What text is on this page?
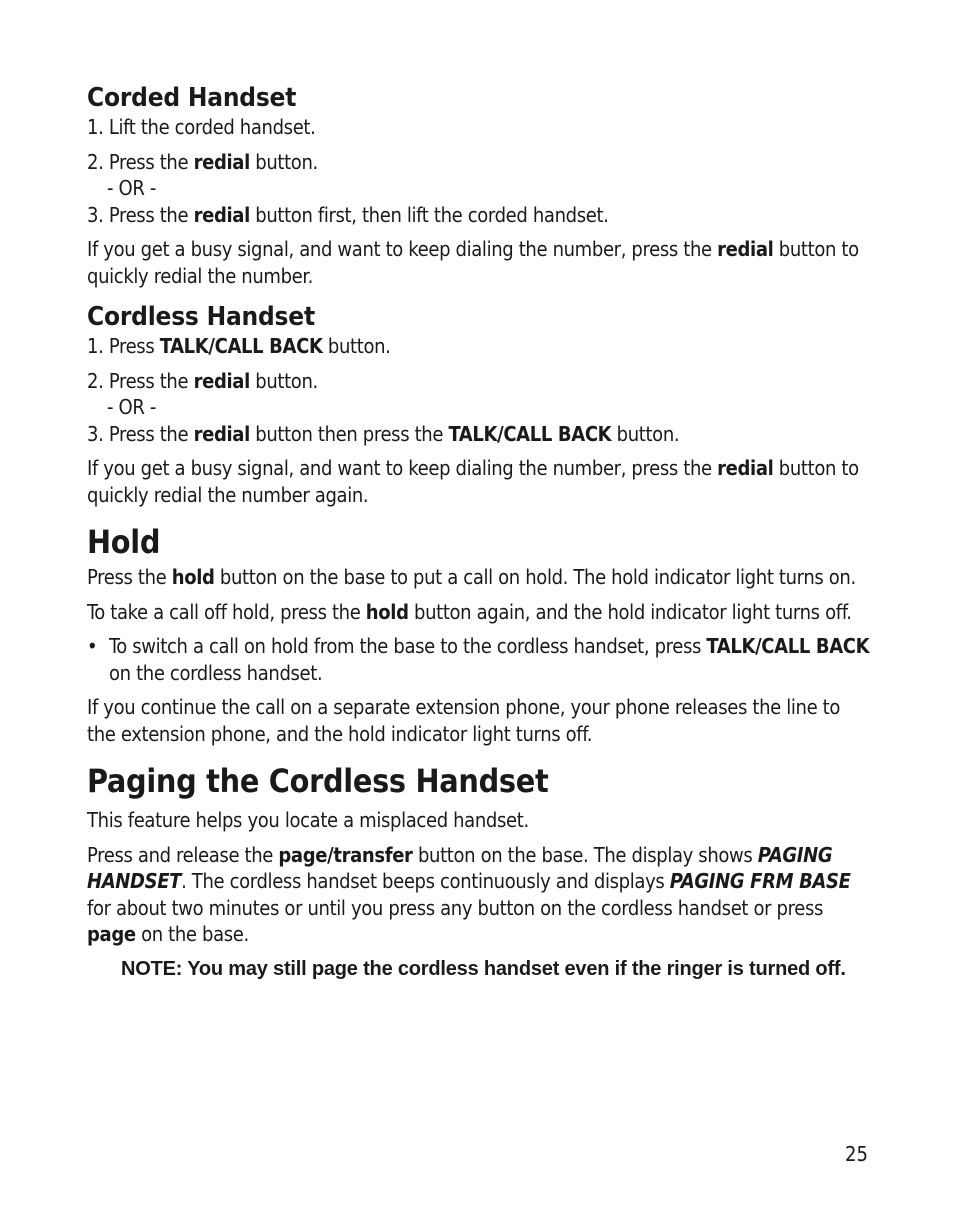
Corded Handset

1. Lift the corded handset.

2. Press the redial button.

- OR -

3. Press the redial button first, then lift the corded handset.

If you get a busy signal, and want to keep dialing the number, press the redial button to quickly redial the number.

Cordless Handset

1. Press TALK/CALL BACK button.

2. Press the redial button.

- OR -

3. Press the redial button then press the TALK/CALL BACK button.

If you get a busy signal, and want to keep dialing the number, press the redial button to quickly redial the number again.

Hold

Press the hold button on the base to put a call on hold. The hold indicator light turns on.

To take a call off hold, press the hold button again, and the hold indicator light turns off.

• To switch a call on hold from the base to the cordless handset, press TALK/CALL BACK on the cordless handset.

If you continue the call on a separate extension phone, your phone releases the line to the extension phone, and the hold indicator light turns off.

Paging the Cordless Handset

This feature helps you locate a misplaced handset.

Press and release the page/transfer button on the base. The display shows PAGING HANDSET. The cordless handset beeps continuously and displays PAGING FRM BASE for about two minutes or until you press any button on the cordless handset or press page on the base.

NOTE: You may still page the cordless handset even if the ringer is turned off.

25
